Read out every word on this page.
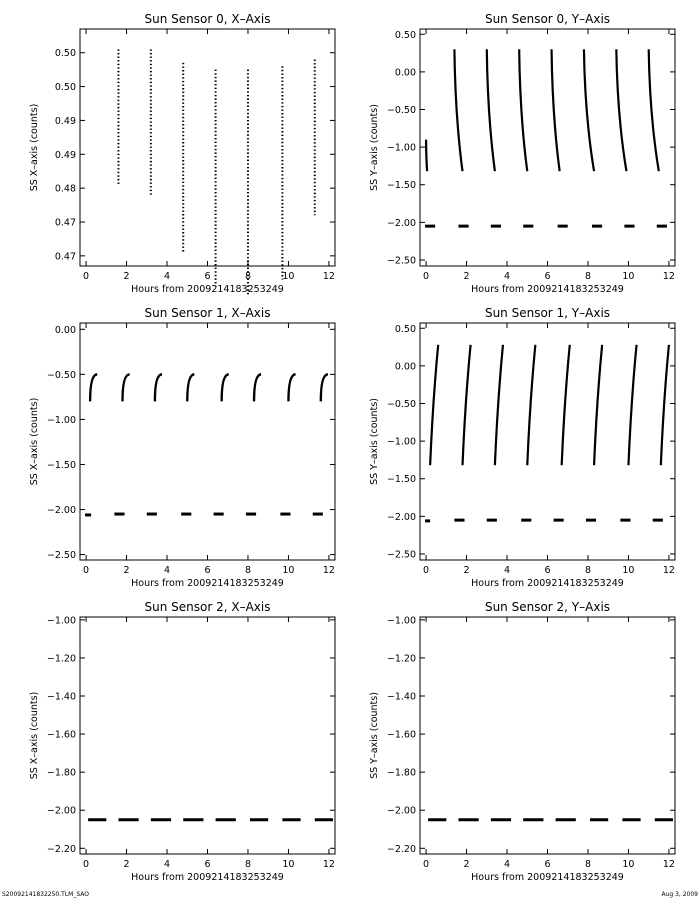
Sun Sensor 0, X–Axis
Hours from 2009214183253249
SS X–axis (counts)
0	2	4	6	8	10	12
0.47
0.47
0.48
0.49
0.49
0.50
0.50
Sun Sensor 0, Y–Axis
Hours from 2009214183253249
SS Y–axis (counts)
0	2	4	6	8	10	12
0.50
0.00
−0.50
−1.00
−1.50
−2.00
−2.50
Sun Sensor 1, X–Axis
Hours from 2009214183253249
SS X–axis (counts)
0	2	4	6	8	10	12
0.00
−0.50
−1.00
−1.50
−2.00
−2.50
Sun Sensor 1, Y–Axis
Hours from 2009214183253249
SS Y–axis (counts)
0	2	4	6	8	10	12
0.50
0.00
−0.50
−1.00
−1.50
−2.00
−2.50
Sun Sensor 2, X–Axis
Hours from 2009214183253249
SS X–axis (counts)
0	2	4	6	8	10	12
−1.00
−1.20
−1.40
−1.60
−1.80
−2.00
−2.20
Sun Sensor 2, Y–Axis
Hours from 2009214183253249
SS Y–axis (counts)
0	2	4	6	8	10	12
−1.00
−1.20
−1.40
−1.60
−1.80
−2.00
−2.20
S20092141832250.TLM_SAO	Aug 3, 2009
